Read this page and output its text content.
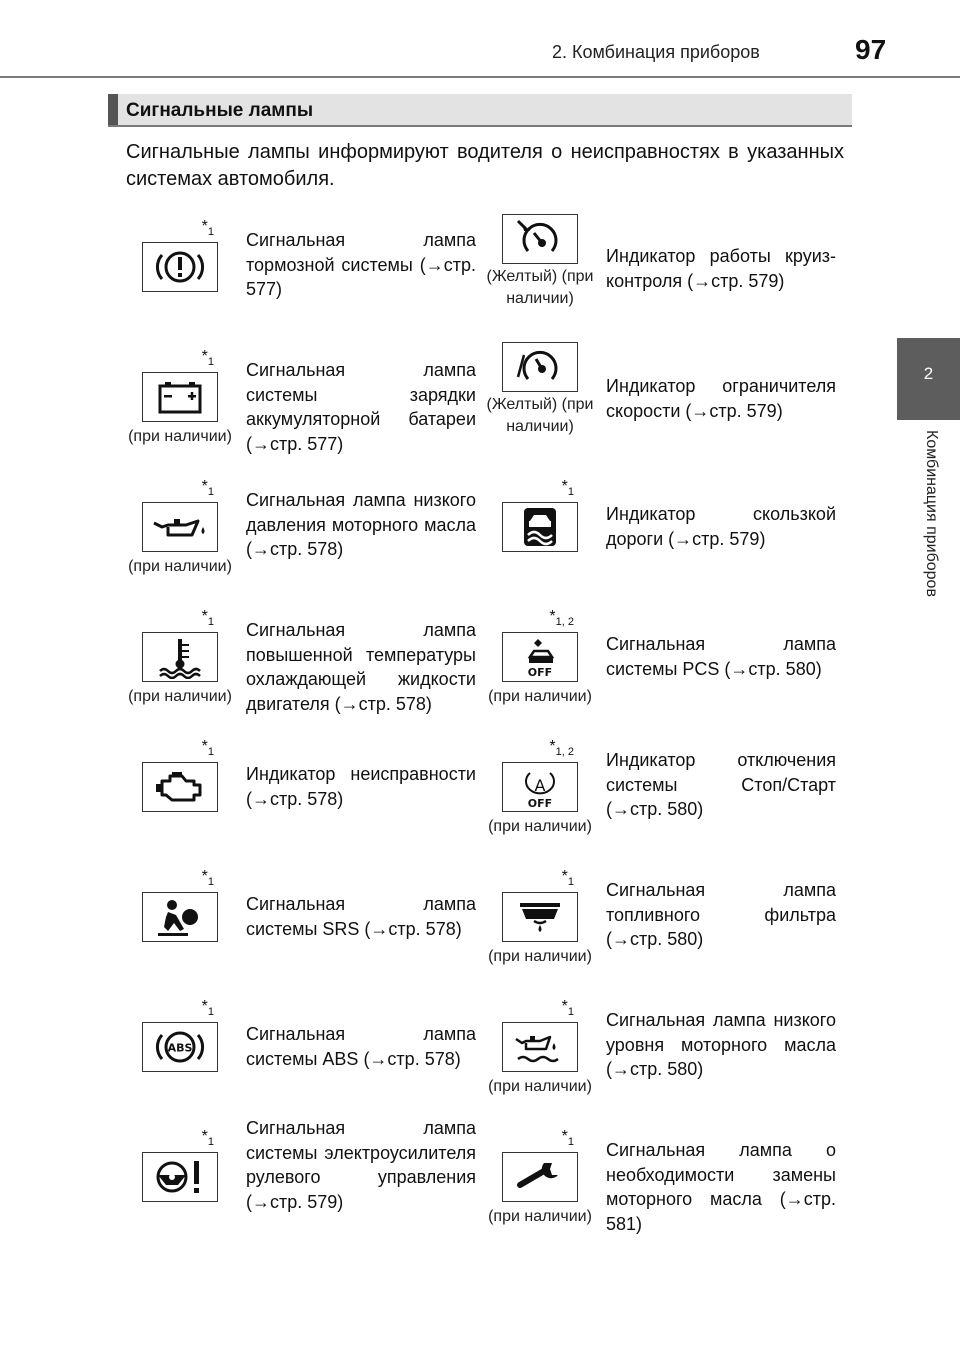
2. Комбинация приборов	97
2
Комбинация приборов
Сигнальные лампы

Сигнальные лампы информируют водителя о неисправностях в указанных системах автомобиля.

$*_1$ Сигнальная лампа тормозной системы (→стр. 577)

$*_1$

(при наличии)

Сигнальная лампа системы зарядки аккумуляторной батареи (→стр. 577)

$*_1$

(при наличии)

Сигнальная лампа низкого давления моторного масла (→стр. 578)

$*_1$

(при наличии)

Сигнальная лампа повышенной температуры охлаждающей жидкости двигателя (→стр. 578)

$*_1$

Индикатор неисправности (→стр. 578)

$*_1$

Сигнальная лампа системы SRS (→стр. 578)

$*_1$
ABS

Сигнальная лампа системы ABS (→стр. 578)

$*_1$

Сигнальная лампа системы электроусилителя рулевого управления (→стр. 579)

(Желтый) (при наличии)

Индикатор работы круиз-контроля (→стр. 579)

(Желтый) (при наличии)

Индикатор ограничителя скорости (→стр. 579)

$*_1$

Индикатор скользкой дороги (→стр. 579)

$*_{1, 2}$
OFF

(при наличии)

Сигнальная лампа системы PCS (→стр. 580)

$*_{1, 2}$
A
OFF

(при наличии)

Индикатор отключения системы Стоп/Старт (→стр. 580)

$*_1$

(при наличии)

Сигнальная лампа топливного фильтра (→стр. 580)

$*_1$

(при наличии)

Сигнальная лампа низкого уровня моторного масла (→стр. 580)

$*_1$

(при наличии)

Сигнальная лампа о необходимости замены моторного масла (→стр. 581)
